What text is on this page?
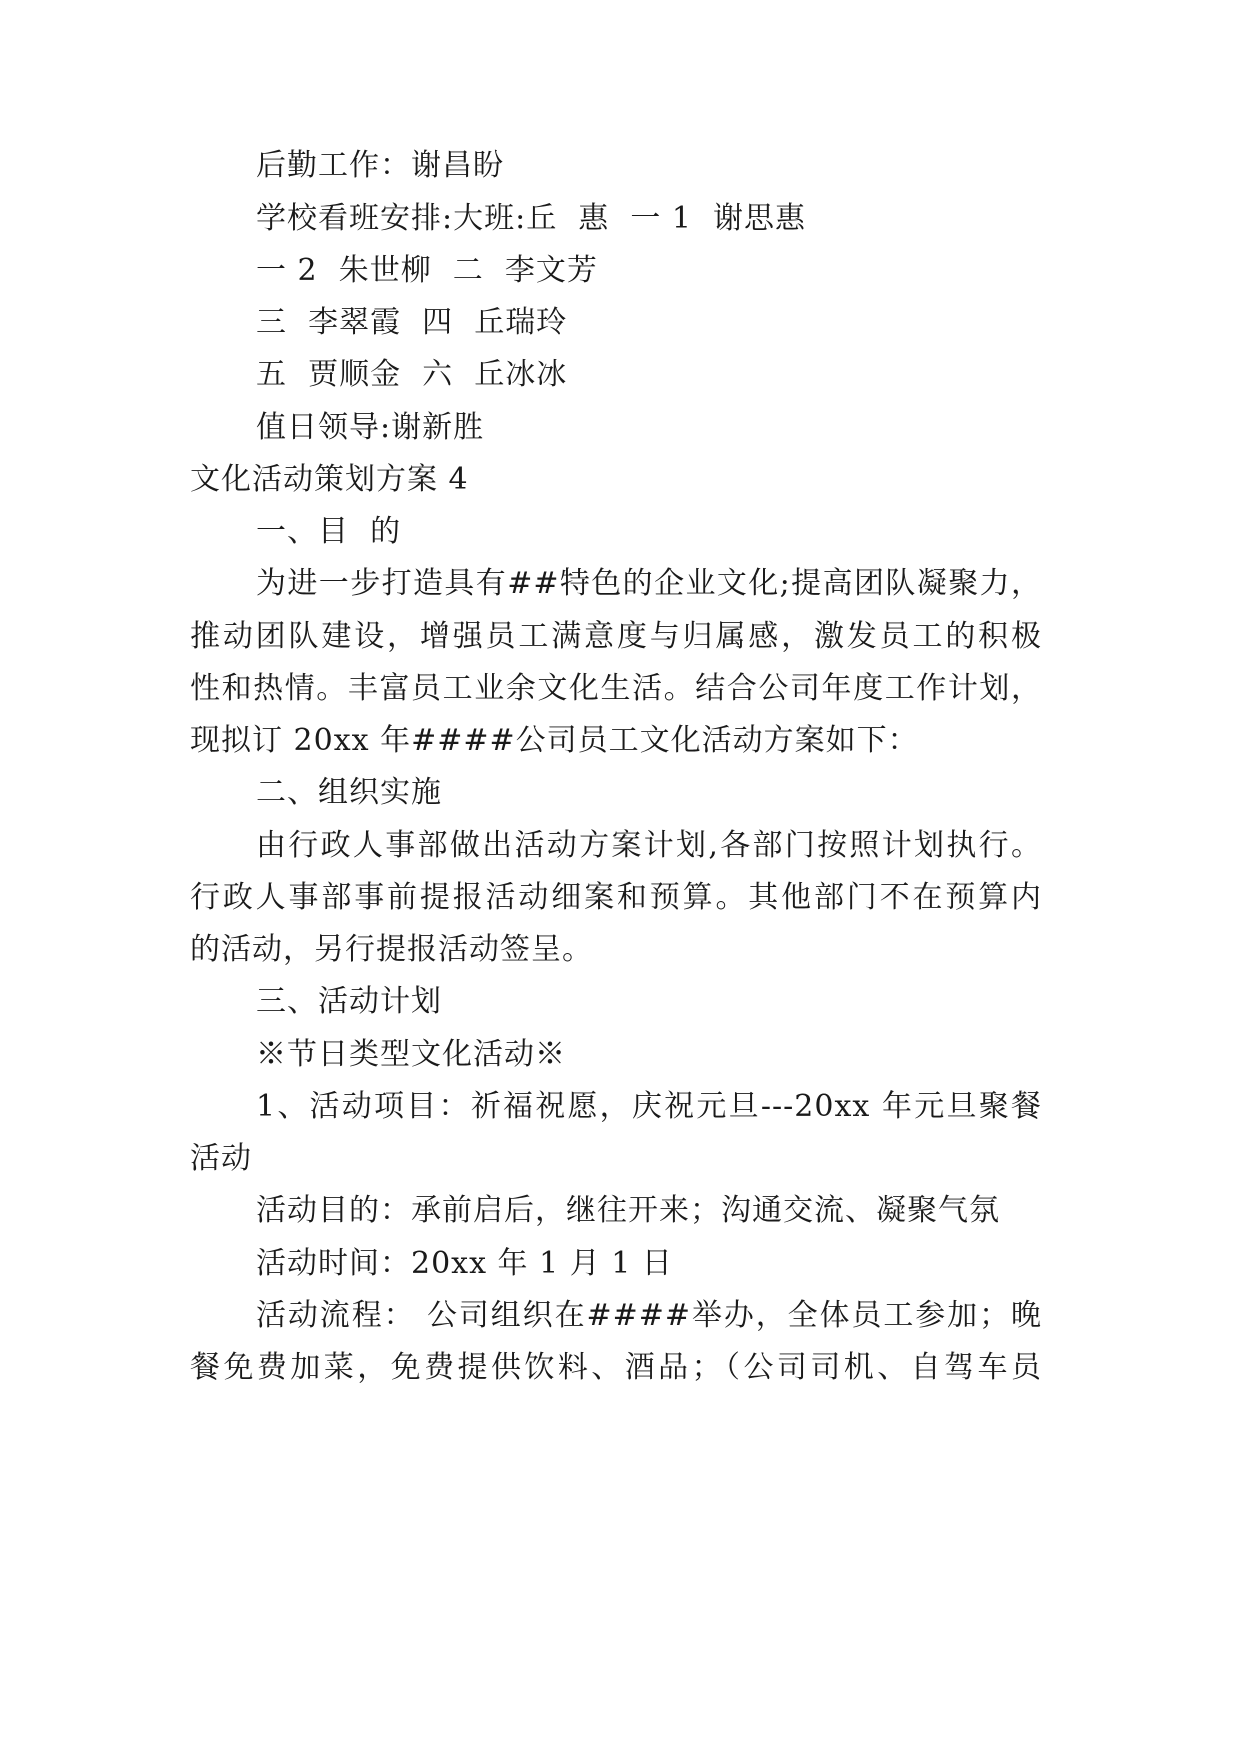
后勤工作：谢昌盼
学校看班安排:大班:丘  惠  一 1  谢思惠
一 2  朱世柳  二  李文芳
三  李翠霞  四  丘瑞玲
五  贾顺金  六  丘冰冰
值日领导:谢新胜
文化活动策划方案 4
一、目  的
为进一步打造具有##特色的企业文化;提高团队凝聚力，
推动团队建设，增强员工满意度与归属感，激发员工的积极
性和热情。丰富员工业余文化生活。结合公司年度工作计划，
现拟订 20xx 年####公司员工文化活动方案如下：
二、组织实施
由行政人事部做出活动方案计划,各部门按照计划执行。
行政人事部事前提报活动细案和预算。其他部门不在预算内
的活动，另行提报活动签呈。
三、活动计划
※节日类型文化活动※
1、活动项目：祈福祝愿，庆祝元旦---20xx 年元旦聚餐
活动
活动目的：承前启后，继往开来；沟通交流、凝聚气氛
活动时间：20xx 年 1 月 1 日
活动流程： 公司组织在####举办，全体员工参加；晚
餐免费加菜，免费提供饮料、酒品；（公司司机、自驾车员
